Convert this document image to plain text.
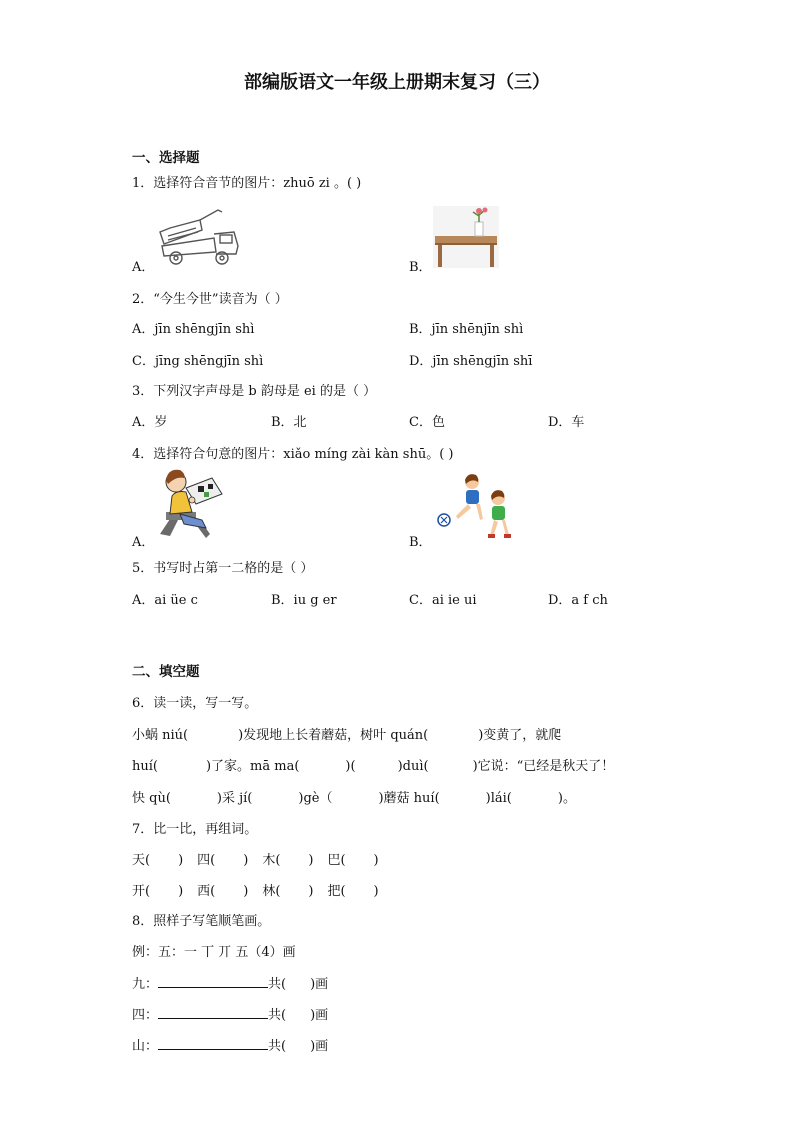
部编版语文一年级上册期末复习（三）
一、选择题
1．选择符合音节的图片：zhuō zi 。( )
A．	B．
2．“今生今世”读音为（ ）
A．jīn shēngjīn shì	B．jīn shēnjīn shì
C．jīng shēngjīn shì	D．jīn shēngjīn shī
3．下列汉字声母是 b 韵母是 ei 的是（ ）
A．岁	B．北	C．色	D．车
4．选择符合句意的图片：xiǎo míng zài kàn shū。( )
A．	B．
5．书写时占第一二格的是（ ）
A．ai üe c	B．iu g er	C．ai ie ui	D．a f ch
二、填空题
6．读一读，写一写。
小蜗 niú(	)发现地上长着蘑菇，树叶 quán(	)变黄了，就爬
huí(	)了家。mā ma(	)(	)duì(	)它说：“已经是秋天了！
快 qù(	)采 jí(	)gè（	)蘑菇 huí(	)lái(	)。
7．比一比，再组词。
天( ) 四( ) 木( ) 巴( )
开( ) 西( ) 林( ) 把( )
8．照样子写笔顺笔画。
例：五：一 丅 丌 五（4）画
九：	共( )画
四：	共( )画
山：	共( )画
